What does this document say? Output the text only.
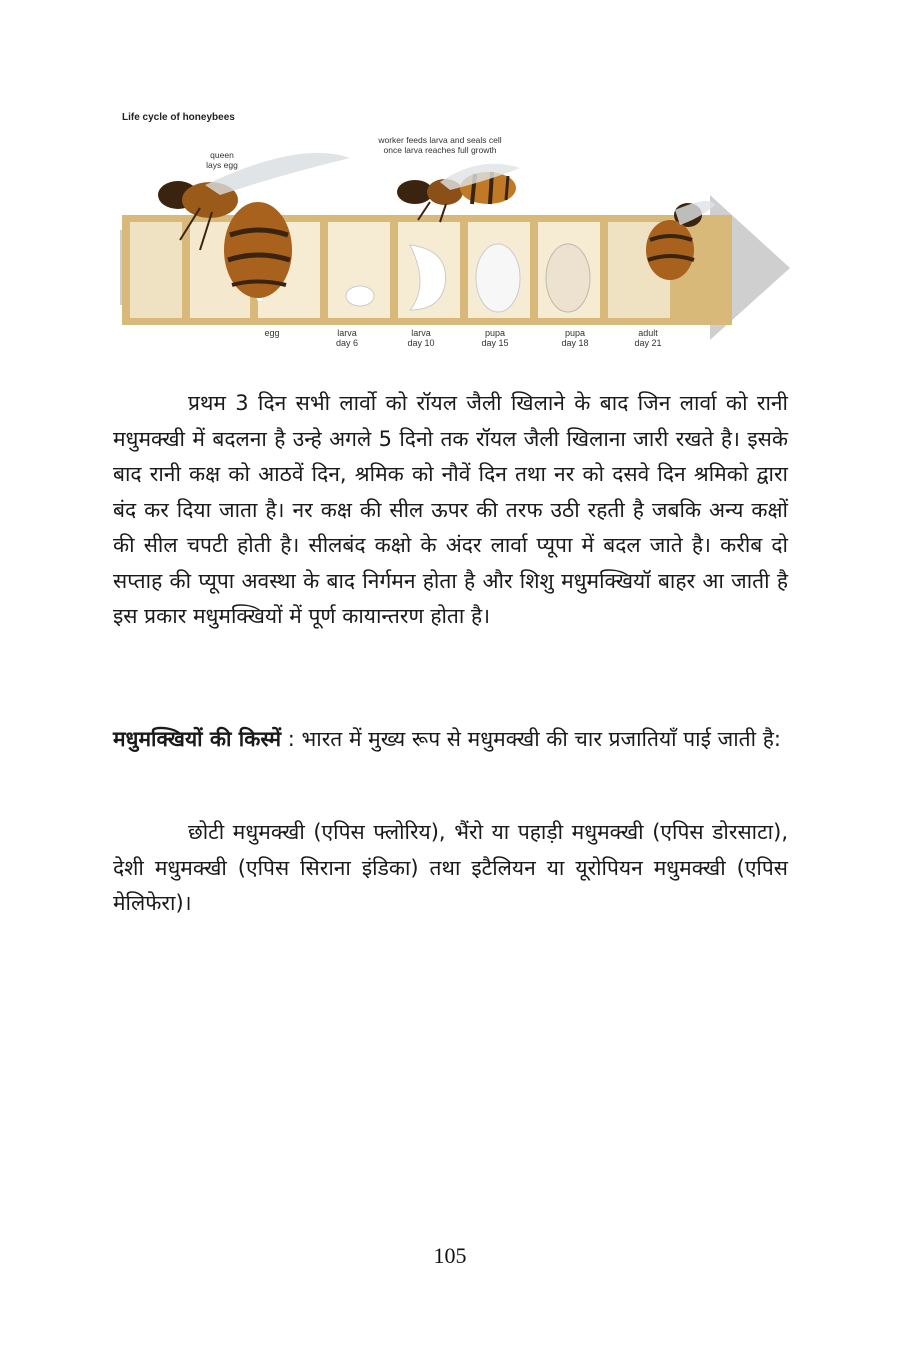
Life cycle of honeybees
queen
lays egg
worker feeds larva and seals cell
once larva reaches full growth
egg	larva
day 6
larva
day 10
pupa
day 15
pupa
day 18
adult
day 21

प्रथम 3 दिन सभी लार्वो को रॉयल जैली खिलाने के बाद जिन लार्वा को रानी मधुमक्खी में बदलना है उन्हे अगले 5 दिनो तक रॉयल जैली खिलाना जारी रखते है। इसके बाद रानी कक्ष को आठवें दिन, श्रमिक को नौवें दिन तथा नर को दसवे दिन श्रमिको द्वारा बंद कर दिया जाता है। नर कक्ष की सील ऊपर की तरफ उठी रहती है जबकि अन्य कक्षों की सील चपटी होती है। सीलबंद कक्षो के अंदर लार्वा प्यूपा में बदल जाते है। करीब दो सप्ताह की प्यूपा अवस्था के बाद निर्गमन होता है और शिशु मधुमक्खियॉ बाहर आ जाती है इस प्रकार मधुमक्खियों में पूर्ण कायान्तरण होता है।

मधुमक्खियों की किस्में : भारत में मुख्य रूप से मधुमक्खी की चार प्रजातियाँ पाई जाती है:

छोटी मधुमक्खी (एपिस फ्लोरिय), भैंरो या पहाड़ी मधुमक्खी (एपिस डोरसाटा), देशी मधुमक्खी (एपिस सिराना इंडिका) तथा इटैलियन या यूरोपियन मधुमक्खी (एपिस मेलिफेरा)।

105
